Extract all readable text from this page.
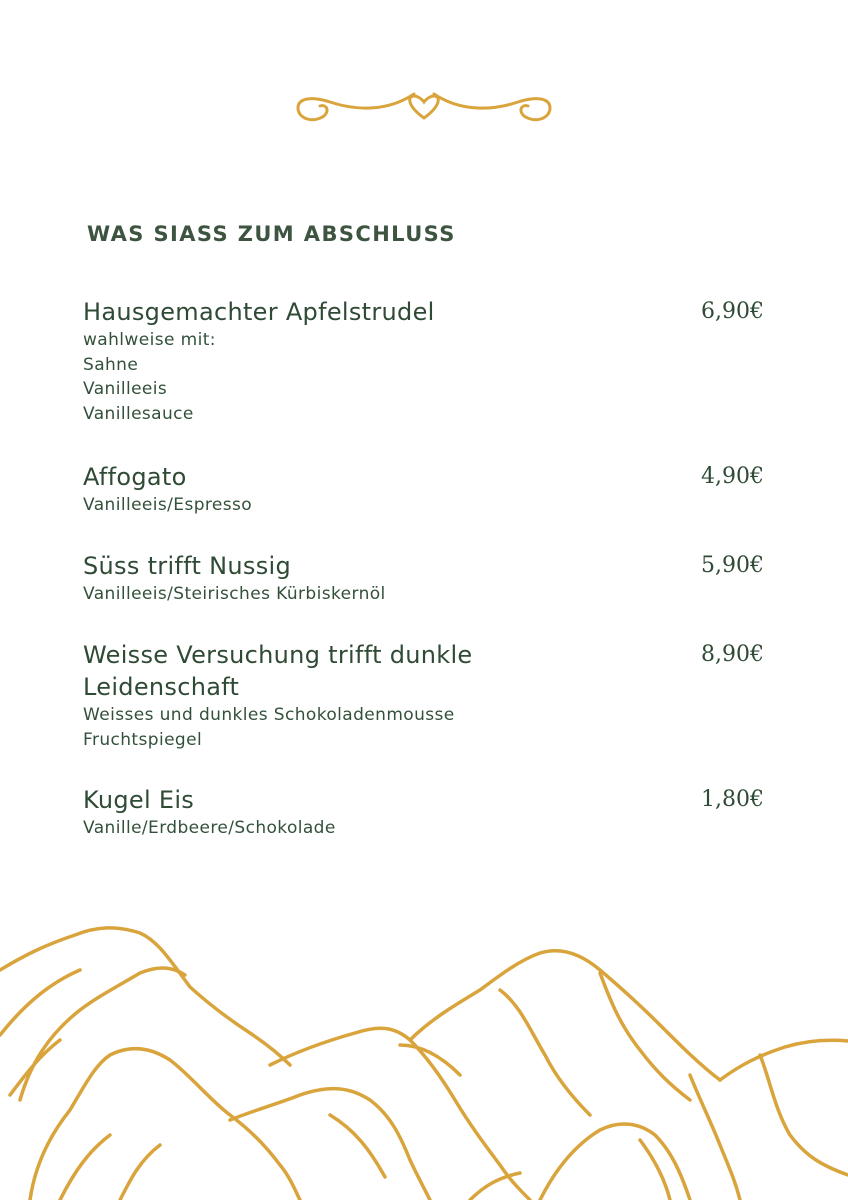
WAS SIASS ZUM ABSCHLUSS
Hausgemachter Apfelstrudel	6,90€
wahlweise mit:
Sahne
Vanilleeis
Vanillesauce
Affogato	4,90€
Vanilleeis/Espresso
Süss trifft Nussig	5,90€
Vanilleeis/Steirisches Kürbiskernöl
Weisse Versuchung trifft dunkle Leidenschaft
8,90€
Weisses und dunkles Schokoladenmousse
Fruchtspiegel
Kugel Eis	1,80€
Vanille/Erdbeere/Schokolade
